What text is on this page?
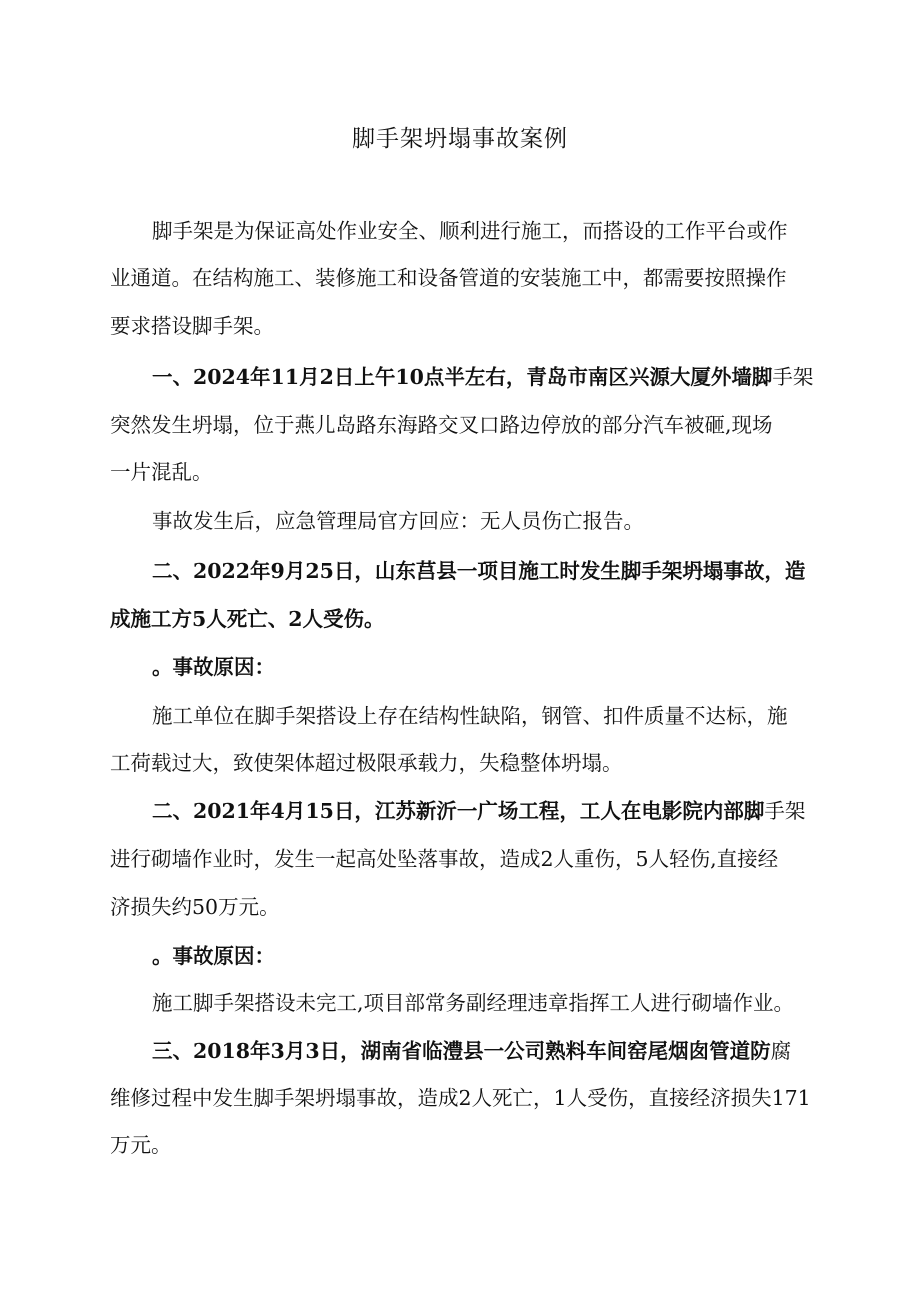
脚手架坍塌事故案例

脚手架是为保证高处作业安全、顺利进行施工，而搭设的工作平台或作

业通道。在结构施工、装修施工和设备管道的安装施工中，都需要按照操作

要求搭设脚手架。

一、2024年11月2日上午10点半左右，青岛市南区兴源大厦外墙脚手架

突然发生坍塌，位于燕儿岛路东海路交叉口路边停放的部分汽车被砸,现场

一片混乱。

事故发生后，应急管理局官方回应：无人员伤亡报告。

二、2022年9月25日，山东莒县一项目施工时发生脚手架坍塌事故，造

成施工方5人死亡、2人受伤。

。事故原因：

施工单位在脚手架搭设上存在结构性缺陷，钢管、扣件质量不达标，施

工荷载过大，致使架体超过极限承载力，失稳整体坍塌。

二、2021年4月15日，江苏新沂一广场工程，工人在电影院内部脚手架

进行砌墙作业时，发生一起高处坠落事故，造成2人重伤，5人轻伤,直接经

济损失约50万元。

。事故原因：

施工脚手架搭设未完工,项目部常务副经理违章指挥工人进行砌墙作业。

三、2018年3月3日，湖南省临澧县一公司熟料车间窑尾烟囱管道防腐

维修过程中发生脚手架坍塌事故，造成2人死亡，1人受伤，直接经济损失171

万元。
